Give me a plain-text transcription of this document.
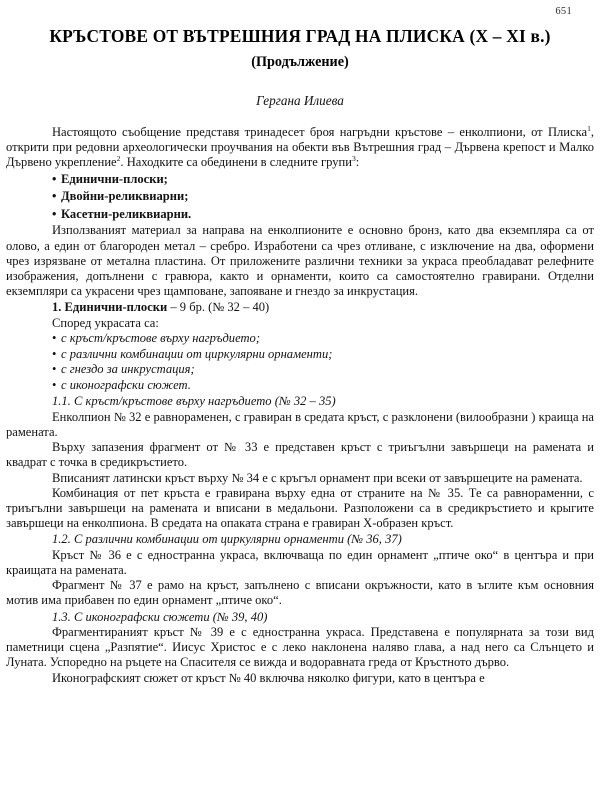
651
КРЪСТОВЕ ОТ ВЪТРЕШНИЯ ГРАД НА ПЛИСКА (X – XI в.)
(Продължение)
Гергана Илиева

Настоящото съобщение представя тринадесет броя нагръдни кръстове – енколпиони, от Плиска$^1$, открити при редовни археологически проучвания на обекти във Вътрешния град – Дървена крепост и Малко Дървено укрепление$^2$. Находките са обединени в следните групи$^3$:

• Единични-плоски;
• Двойни-реликвиарни;
• Касетни-реликвиарни.

Използваният материал за направа на енколпионите е основно бронз, като два екземпляра са от олово, а един от благороден метал – сребро. Изработени са чрез отливане, с изключение на два, оформени чрез изрязване от метална пластина. От приложените различни техники за украса преобладават релефните изображения, допълнени с гравюра, както и орнаменти, които са самостоятелно гравирани. Отделни екземпляри са украсени чрез щамповане, запояване и гнездо за инкрустация.

1. Единични-плоски – 9 бр. (№ 32 – 40)

Според украсата са:

• с кръст/кръстове върху нагръдието;
• с различни комбинации от циркулярни орнаменти;
• с гнездо за инкрустация;
• с иконографски сюжет.

1.1. С кръст/кръстове върху нагръдието (№ 32 – 35)

Енколпион № 32 е равнораменен, с гравиран в средата кръст, с разклонени (вилообразни ) краища на рамената.

Върху запазения фрагмент от № 33 е представен кръст с триъгълни завършеци на раменатa и квадрат с точка в средикръстието.

Вписаният латински кръст върху № 34 е с кръгъл орнамент при всеки от завършеците на раменатa.

Комбинация от пет кръста е гравирана върху една от страните на № 35. Те са равнораменни, с триъгълни завършеци на раменатa и вписани в медальони. Разположени са в средикръстието и крыгите завършеци на енколпиона. В средата на опаката страна е гравиран Х-образен кръст.

1.2. С различни комбинации от циркулярни орнаменти (№ 36, 37)

Кръст № 36 е с едностранна украса, включваща по един орнамент „птиче око“ в центъра и при краищата на раменатa.

Фрагмент № 37 е рамо на кръст, запълнено с вписани окръжности, като в ъглите към основния мотив има прибавен по един орнамент „птиче око“.

1.3. С иконографски сюжети (№ 39, 40)

Фрагментираният кръст № 39 е с едностранна украса. Представена е популярната за този вид паметници сцена „Разпятие“. Иисус Христос е с леко наклонена наляво глава, а над него са Слънцето и Луната. Успоредно на ръцете на Спасителя се вижда и водоравната греда от Кръстното дърво.

Иконографският сюжет от кръст № 40 включва няколко фигури, като в центъра е
